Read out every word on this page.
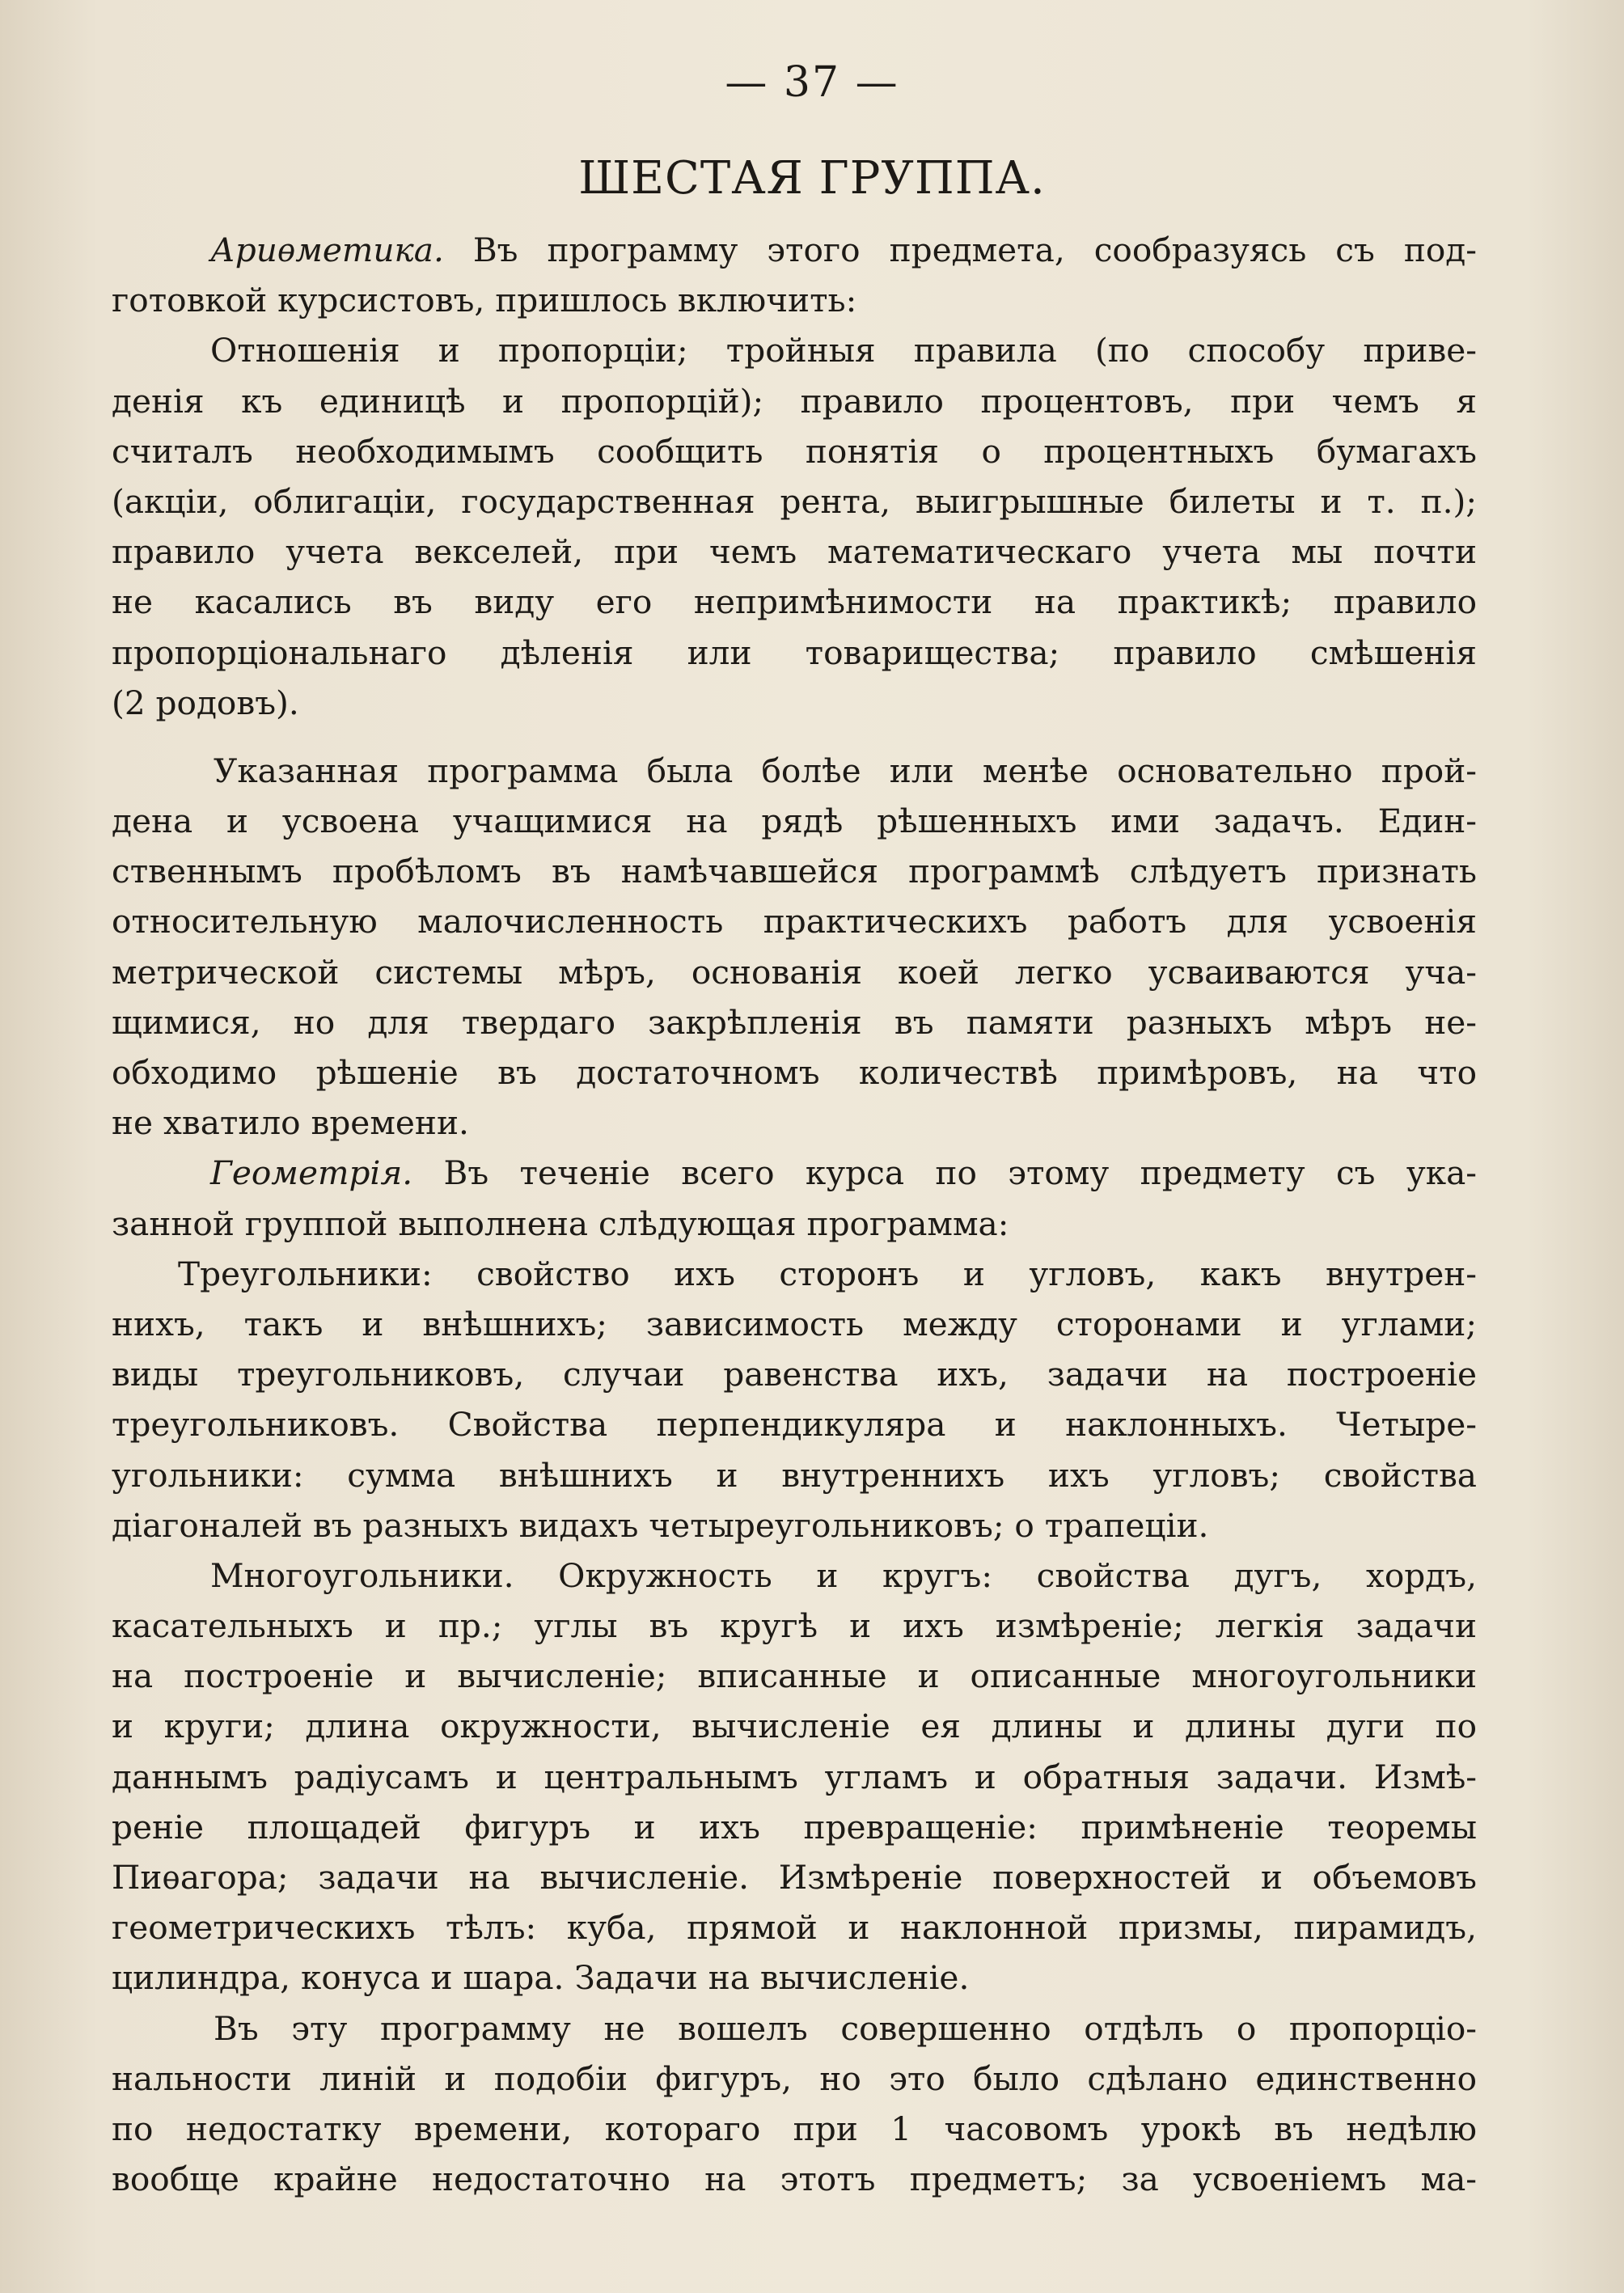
— 37 —
ШЕСТАЯ ГРУППА.
Ариѳметика. Въ программу этого предмета, сообразуясь съ под-
готовкой курсистовъ, пришлось включить:
Отношенія и пропорціи; тройныя правила (по способу приве-
денія къ единицѣ и пропорцій); правило процентовъ, при чемъ я
считалъ необходимымъ сообщить понятія о процентныхъ бумагахъ
(акціи, облигаціи, государственная рента, выигрышные билеты и т. п.);
правило учета векселей, при чемъ математическаго учета мы почти
не касались въ виду его непримѣнимости на практикѣ; правило
пропорціональнаго дѣленія или товарищества; правило смѣшенія
(2 родовъ).
Указанная программа была болѣе или менѣе основательно прой-
дена и усвоена учащимися на рядѣ рѣшенныхъ ими задачъ. Един-
ственнымъ пробѣломъ въ намѣчавшейся программѣ слѣдуетъ признать
относительную малочисленность практическихъ работъ для усвоенія
метрической системы мѣръ, основанія коей легко усваиваются уча-
щимися, но для твердаго закрѣпленія въ памяти разныхъ мѣръ не-
обходимо рѣшеніе въ достаточномъ количествѣ примѣровъ, на что
не хватило времени.
Геометрія. Въ теченіе всего курса по этому предмету съ ука-
занной группой выполнена слѣдующая программа:
Треугольники: свойство ихъ сторонъ и угловъ, какъ внутрен-
нихъ, такъ и внѣшнихъ; зависимость между сторонами и углами;
виды треугольниковъ, случаи равенства ихъ, задачи на построеніе
треугольниковъ. Свойства перпендикуляра и наклонныхъ. Четыре-
угольники: сумма внѣшнихъ и внутреннихъ ихъ угловъ; свойства
діагоналей въ разныхъ видахъ четыреугольниковъ; о трапеціи.
Многоугольники. Окружность и кругъ: свойства дугъ, хордъ,
касательныхъ и пр.; углы въ кругѣ и ихъ измѣреніе; легкія задачи
на построеніе и вычисленіе; вписанные и описанные многоугольники
и круги; длина окружности, вычисленіе ея длины и длины дуги по
даннымъ радіусамъ и центральнымъ угламъ и обратныя задачи. Измѣ-
реніе площадей фигуръ и ихъ превращеніе: примѣненіе теоремы
Пиѳагора; задачи на вычисленіе. Измѣреніе поверхностей и объемовъ
геометрическихъ тѣлъ: куба, прямой и наклонной призмы, пирамидъ,
цилиндра, конуса и шара. Задачи на вычисленіе.
Въ эту программу не вошелъ совершенно отдѣлъ о пропорціо-
нальности линій и подобіи фигуръ, но это было сдѣлано единственно
по недостатку времени, котораго при 1 часовомъ урокѣ въ недѣлю
вообще крайне недостаточно на этотъ предметъ; за усвоеніемъ ма-
